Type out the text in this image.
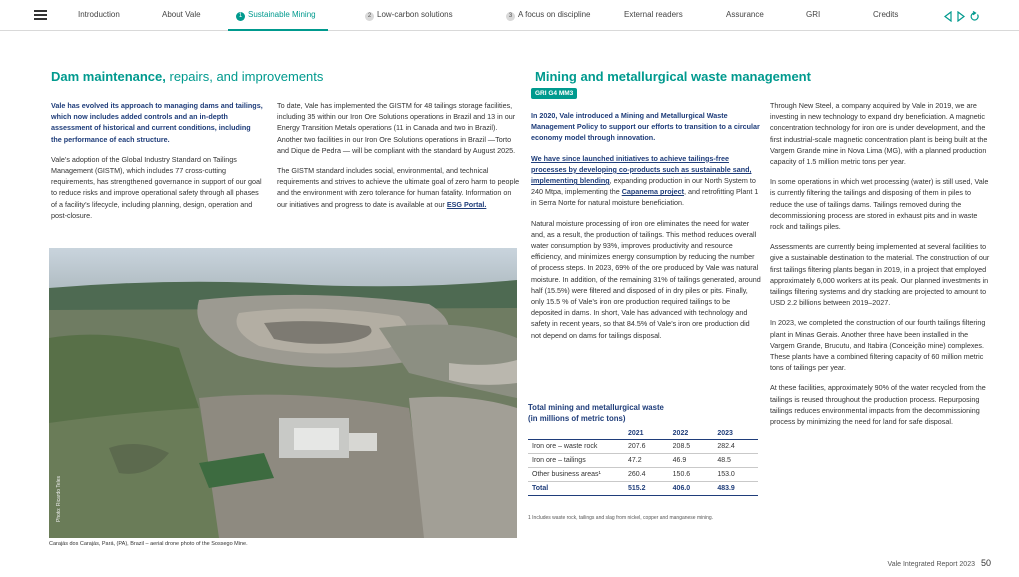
Introduction	About Vale	1 Sustainable Mining	2 Low-carbon solutions	3 A focus on discipline	External readers	Assurance	GRI	Credits
Dam maintenance, repairs, and improvements

Vale has evolved its approach to managing dams and tailings, which now includes added controls and an in-depth assessment of historical and current conditions, including the performance of each structure.

Vale’s adoption of the Global Industry Standard on Tailings Management (GISTM), which includes 77 cross-cutting requirements, has strengthened governance in support of our goal to reduce risks and improve operational safety through all phases of a facility’s lifecycle, including planning, design, operation and post-closure.

To date, Vale has implemented the GISTM for 48 tailings storage facilities, including 35 within our Iron Ore Solutions operations in Brazil and 13 in our Energy Transition Metals operations (11 in Canada and two in Brazil). Another two facilities in our Iron Ore Solutions operations in Brazil —Torto and Dique de Pedra — will be compliant with the standard by August 2025.

The GISTM standard includes social, environmental, and technical requirements and strives to achieve the ultimate goal of zero harm to people and the environment with zero tolerance for human fatality. Information on our initiatives and progress to date is available at our ESG Portal.

Photo: Ricardo Teles
Carajás dos Carajás, Pará, (PA), Brazil – aerial drone photo of the Sossego Mine.
Mining and metallurgical waste management
GRI G4 MM3

In 2020, Vale introduced a Mining and Metallurgical Waste Management Policy to support our efforts to transition to a circular economy model through innovation.

We have since launched initiatives to achieve tailings-free processes by developing co-products such as sustainable sand, implementing blending, expanding production in our North System to 240 Mtpa, implementing the Capanema project, and retrofitting Plant 1 in Serra Norte for natural moisture beneficiation.

Natural moisture processing of iron ore eliminates the need for water and, as a result, the production of tailings. This method reduces overall water consumption by 93%, improves productivity and resource efficiency, and minimizes energy consumption by reducing the number of process steps. In 2023, 69% of the ore produced by Vale was natural moisture. In addition, of the remaining 31% of tailings generated, around half (15.5%) were filtered and disposed of in dry piles or pits. Finally, only 15.5 % of Vale’s iron ore production required tailings to be deposited in dams. In short, Vale has advanced with technology and safety in recent years, so that 84.5% of Vale’s iron ore production did not depend on dams for tailings disposal.

Total mining and metallurgical waste
(in millions of metric tons)
	2021	2022	2023
Iron ore – waste rock	207.6	208.5	282.4
Iron ore – tailings	47.2	46.9	48.5
Other business areas¹	260.4	150.6	153.0
Total	515.2	406.0	483.9
1 Includes waste rock, tailings and slag from nickel, copper and manganese mining.

Through New Steel, a company acquired by Vale in 2019, we are investing in new technology to expand dry beneficiation. A magnetic concentration technology for iron ore is under development, and the first industrial-scale magnetic concentration plant is being built at the Vargem Grande mine in Nova Lima (MG), with a planned production capacity of 1.5 million metric tons per year.

In some operations in which wet processing (water) is still used, Vale is currently filtering the tailings and disposing of them in piles to reduce the use of tailings dams. Tailings removed during the decommissioning process are stored in exhaust pits and in waste rock and tailings piles.

Assessments are currently being implemented at several facilities to give a sustainable destination to the material. The construction of our first tailings filtering plants began in 2019, in a project that employed approximately 6,000 workers at its peak. Our planned investments in tailings filtering systems and dry stacking are projected to amount to USD 2.2 billions between 2019–2027.

In 2023, we completed the construction of our fourth tailings filtering plant in Minas Gerais. Another three have been installed in the Vargem Grande, Brucutu, and Itabira (Conceição mine) complexes. These plants have a combined filtering capacity of 60 million metric tons of tailings per year.

At these facilities, approximately 90% of the water recycled from the tailings is reused throughout the production process. Repurposing tailings reduces environmental impacts from the decommissioning process by minimizing the need for land for safe disposal.

Vale Integrated Report 2023 50
